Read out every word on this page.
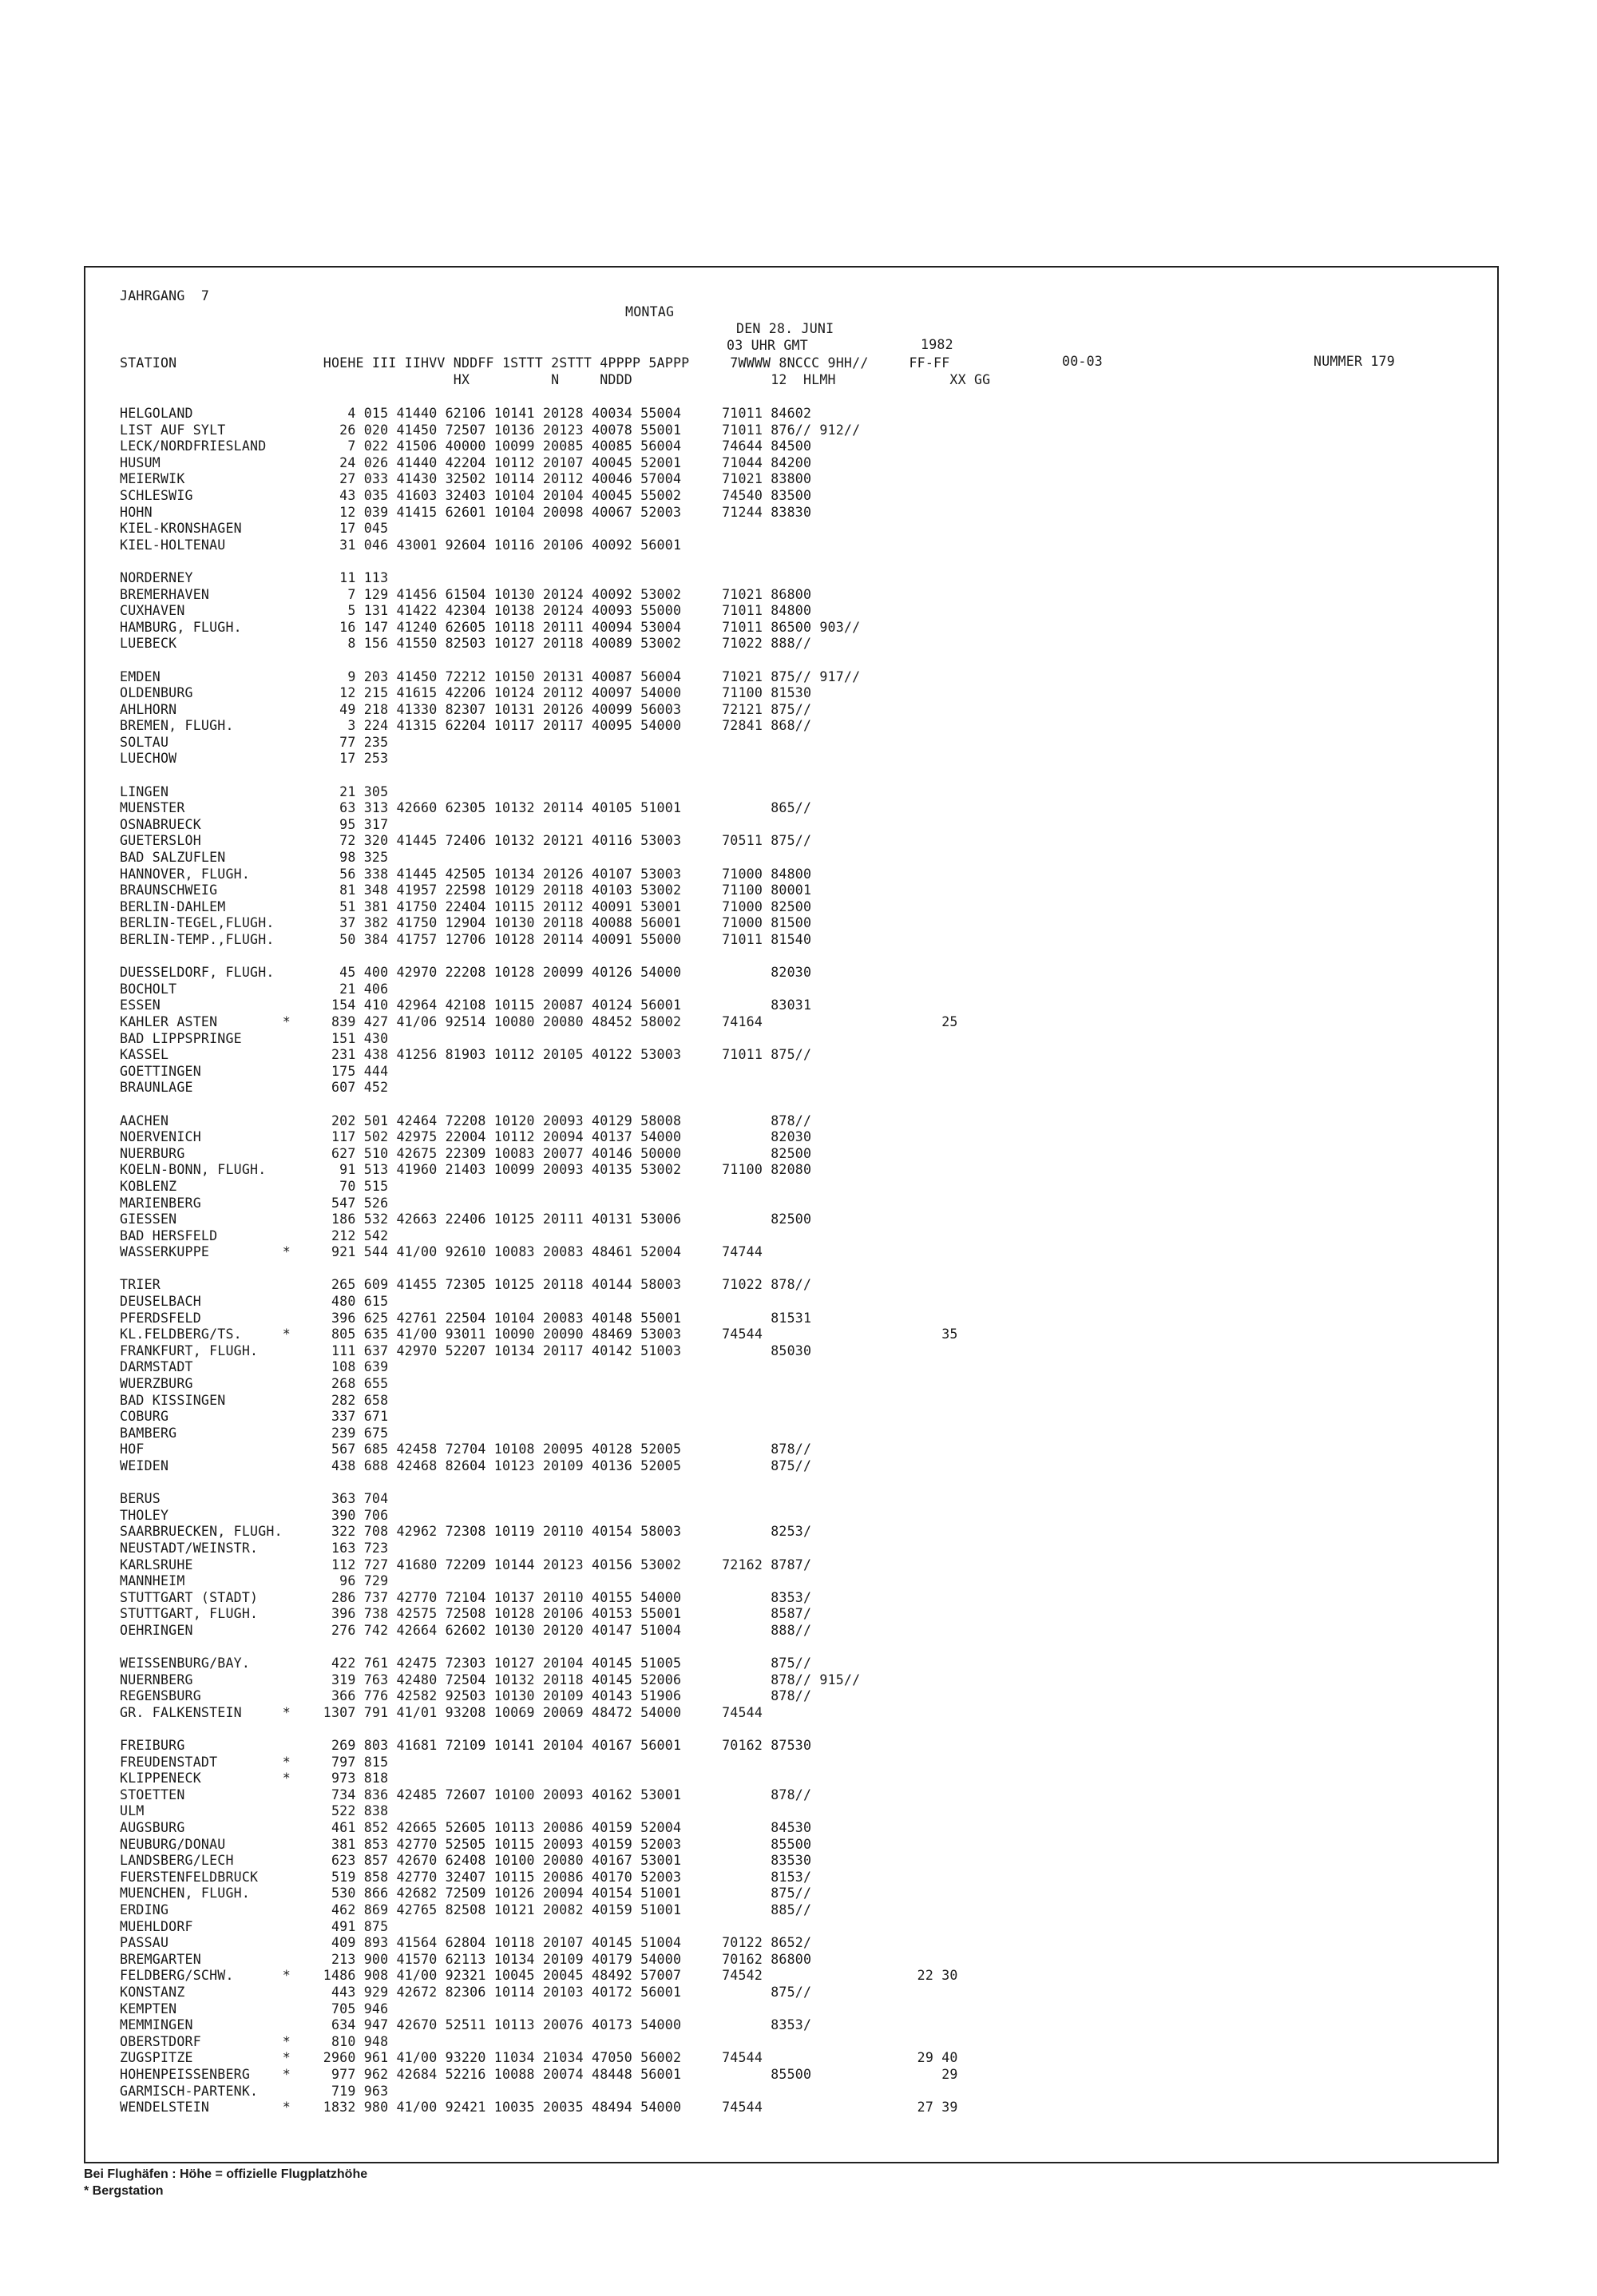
JAHRGANG  7

MONTAG

DEN 28. JUNI

1982

NUMMER 179

03 UHR GMT

00-03

STATION                  HOEHE III IIHVV NDDFF 1STTT 2STTT 4PPPP 5APPP     7WWWW 8NCCC 9HH//     FF-FF
HX          N     NDDD                 12  HLMH              XX GG
HELGOLAND                   4 015 41440 62106 10141 20128 40034 55004     71011 84602
LIST AUF SYLT              26 020 41450 72507 10136 20123 40078 55001     71011 876// 912//
LECK/NORDFRIESLAND          7 022 41506 40000 10099 20085 40085 56004     74644 84500
HUSUM                      24 026 41440 42204 10112 20107 40045 52001     71044 84200
MEIERWIK                   27 033 41430 32502 10114 20112 40046 57004     71021 83800
SCHLESWIG                  43 035 41603 32403 10104 20104 40045 55002     74540 83500
HOHN                       12 039 41415 62601 10104 20098 40067 52003     71244 83830
KIEL-KRONSHAGEN            17 045
KIEL-HOLTENAU              31 046 43001 92604 10116 20106 40092 56001
NORDERNEY                  11 113
BREMERHAVEN                 7 129 41456 61504 10130 20124 40092 53002     71021 86800
CUXHAVEN                    5 131 41422 42304 10138 20124 40093 55000     71011 84800
HAMBURG, FLUGH.            16 147 41240 62605 10118 20111 40094 53004     71011 86500 903//
LUEBECK                     8 156 41550 82503 10127 20118 40089 53002     71022 888//
EMDEN                       9 203 41450 72212 10150 20131 40087 56004     71021 875// 917//
OLDENBURG                  12 215 41615 42206 10124 20112 40097 54000     71100 81530
AHLHORN                    49 218 41330 82307 10131 20126 40099 56003     72121 875//
BREMEN, FLUGH.              3 224 41315 62204 10117 20117 40095 54000     72841 868//
SOLTAU                     77 235
LUECHOW                    17 253
LINGEN                     21 305
MUENSTER                   63 313 42660 62305 10132 20114 40105 51001           865//
OSNABRUECK                 95 317
GUETERSLOH                 72 320 41445 72406 10132 20121 40116 53003     70511 875//
BAD SALZUFLEN              98 325
HANNOVER, FLUGH.           56 338 41445 42505 10134 20126 40107 53003     71000 84800
BRAUNSCHWEIG               81 348 41957 22598 10129 20118 40103 53002     71100 80001
BERLIN-DAHLEM              51 381 41750 22404 10115 20112 40091 53001     71000 82500
BERLIN-TEGEL,FLUGH.        37 382 41750 12904 10130 20118 40088 56001     71000 81500
BERLIN-TEMP.,FLUGH.        50 384 41757 12706 10128 20114 40091 55000     71011 81540
DUESSELDORF, FLUGH.        45 400 42970 22208 10128 20099 40126 54000           82030
BOCHOLT                    21 406
ESSEN                     154 410 42964 42108 10115 20087 40124 56001           83031
KAHLER ASTEN        *     839 427 41/06 92514 10080 20080 48452 58002     74164                      25
BAD LIPPSPRINGE           151 430
KASSEL                    231 438 41256 81903 10112 20105 40122 53003     71011 875//
GOETTINGEN                175 444
BRAUNLAGE                 607 452
AACHEN                    202 501 42464 72208 10120 20093 40129 58008           878//
NOERVENICH                117 502 42975 22004 10112 20094 40137 54000           82030
NUERBURG                  627 510 42675 22309 10083 20077 40146 50000           82500
KOELN-BONN, FLUGH.         91 513 41960 21403 10099 20093 40135 53002     71100 82080
KOBLENZ                    70 515
MARIENBERG                547 526
GIESSEN                   186 532 42663 22406 10125 20111 40131 53006           82500
BAD HERSFELD              212 542
WASSERKUPPE         *     921 544 41/00 92610 10083 20083 48461 52004     74744
TRIER                     265 609 41455 72305 10125 20118 40144 58003     71022 878//
DEUSELBACH                480 615
PFERDSFELD                396 625 42761 22504 10104 20083 40148 55001           81531
KL.FELDBERG/TS.     *     805 635 41/00 93011 10090 20090 48469 53003     74544                      35
FRANKFURT, FLUGH.         111 637 42970 52207 10134 20117 40142 51003           85030
DARMSTADT                 108 639
WUERZBURG                 268 655
BAD KISSINGEN             282 658
COBURG                    337 671
BAMBERG                   239 675
HOF                       567 685 42458 72704 10108 20095 40128 52005           878//
WEIDEN                    438 688 42468 82604 10123 20109 40136 52005           875//
BERUS                     363 704
THOLEY                    390 706
SAARBRUECKEN, FLUGH.      322 708 42962 72308 10119 20110 40154 58003           8253/
NEUSTADT/WEINSTR.         163 723
KARLSRUHE                 112 727 41680 72209 10144 20123 40156 53002     72162 8787/
MANNHEIM                   96 729
STUTTGART (STADT)         286 737 42770 72104 10137 20110 40155 54000           8353/
STUTTGART, FLUGH.         396 738 42575 72508 10128 20106 40153 55001           8587/
OEHRINGEN                 276 742 42664 62602 10130 20120 40147 51004           888//
WEISSENBURG/BAY.          422 761 42475 72303 10127 20104 40145 51005           875//
NUERNBERG                 319 763 42480 72504 10132 20118 40145 52006           878// 915//
REGENSBURG                366 776 42582 92503 10130 20109 40143 51906           878//
GR. FALKENSTEIN     *    1307 791 41/01 93208 10069 20069 48472 54000     74544
FREIBURG                  269 803 41681 72109 10141 20104 40167 56001     70162 87530
FREUDENSTADT        *     797 815
KLIPPENECK          *     973 818
STOETTEN                  734 836 42485 72607 10100 20093 40162 53001           878//
ULM                       522 838
AUGSBURG                  461 852 42665 52605 10113 20086 40159 52004           84530
NEUBURG/DONAU             381 853 42770 52505 10115 20093 40159 52003           85500
LANDSBERG/LECH            623 857 42670 62408 10100 20080 40167 53001           83530
FUERSTENFELDBRUCK         519 858 42770 32407 10115 20086 40170 52003           8153/
MUENCHEN, FLUGH.          530 866 42682 72509 10126 20094 40154 51001           875//
ERDING                    462 869 42765 82508 10121 20082 40159 51001           885//
MUEHLDORF                 491 875
PASSAU                    409 893 41564 62804 10118 20107 40145 51004     70122 8652/
BREMGARTEN                213 900 41570 62113 10134 20109 40179 54000     70162 86800
FELDBERG/SCHW.      *    1486 908 41/00 92321 10045 20045 48492 57007     74542                   22 30
KONSTANZ                  443 929 42672 82306 10114 20103 40172 56001           875//
KEMPTEN                   705 946
MEMMINGEN                 634 947 42670 52511 10113 20076 40173 54000           8353/
OBERSTDORF          *     810 948
ZUGSPITZE           *    2960 961 41/00 93220 11034 21034 47050 56002     74544                   29 40
HOHENPEISSENBERG    *     977 962 42684 52216 10088 20074 48448 56001           85500                29
GARMISCH-PARTENK.         719 963
WENDELSTEIN         *    1832 980 41/00 92421 10035 20035 48494 54000     74544                   27 39
Bei Flughäfen : Höhe = offizielle Flugplatzhöhe
* Bergstation
